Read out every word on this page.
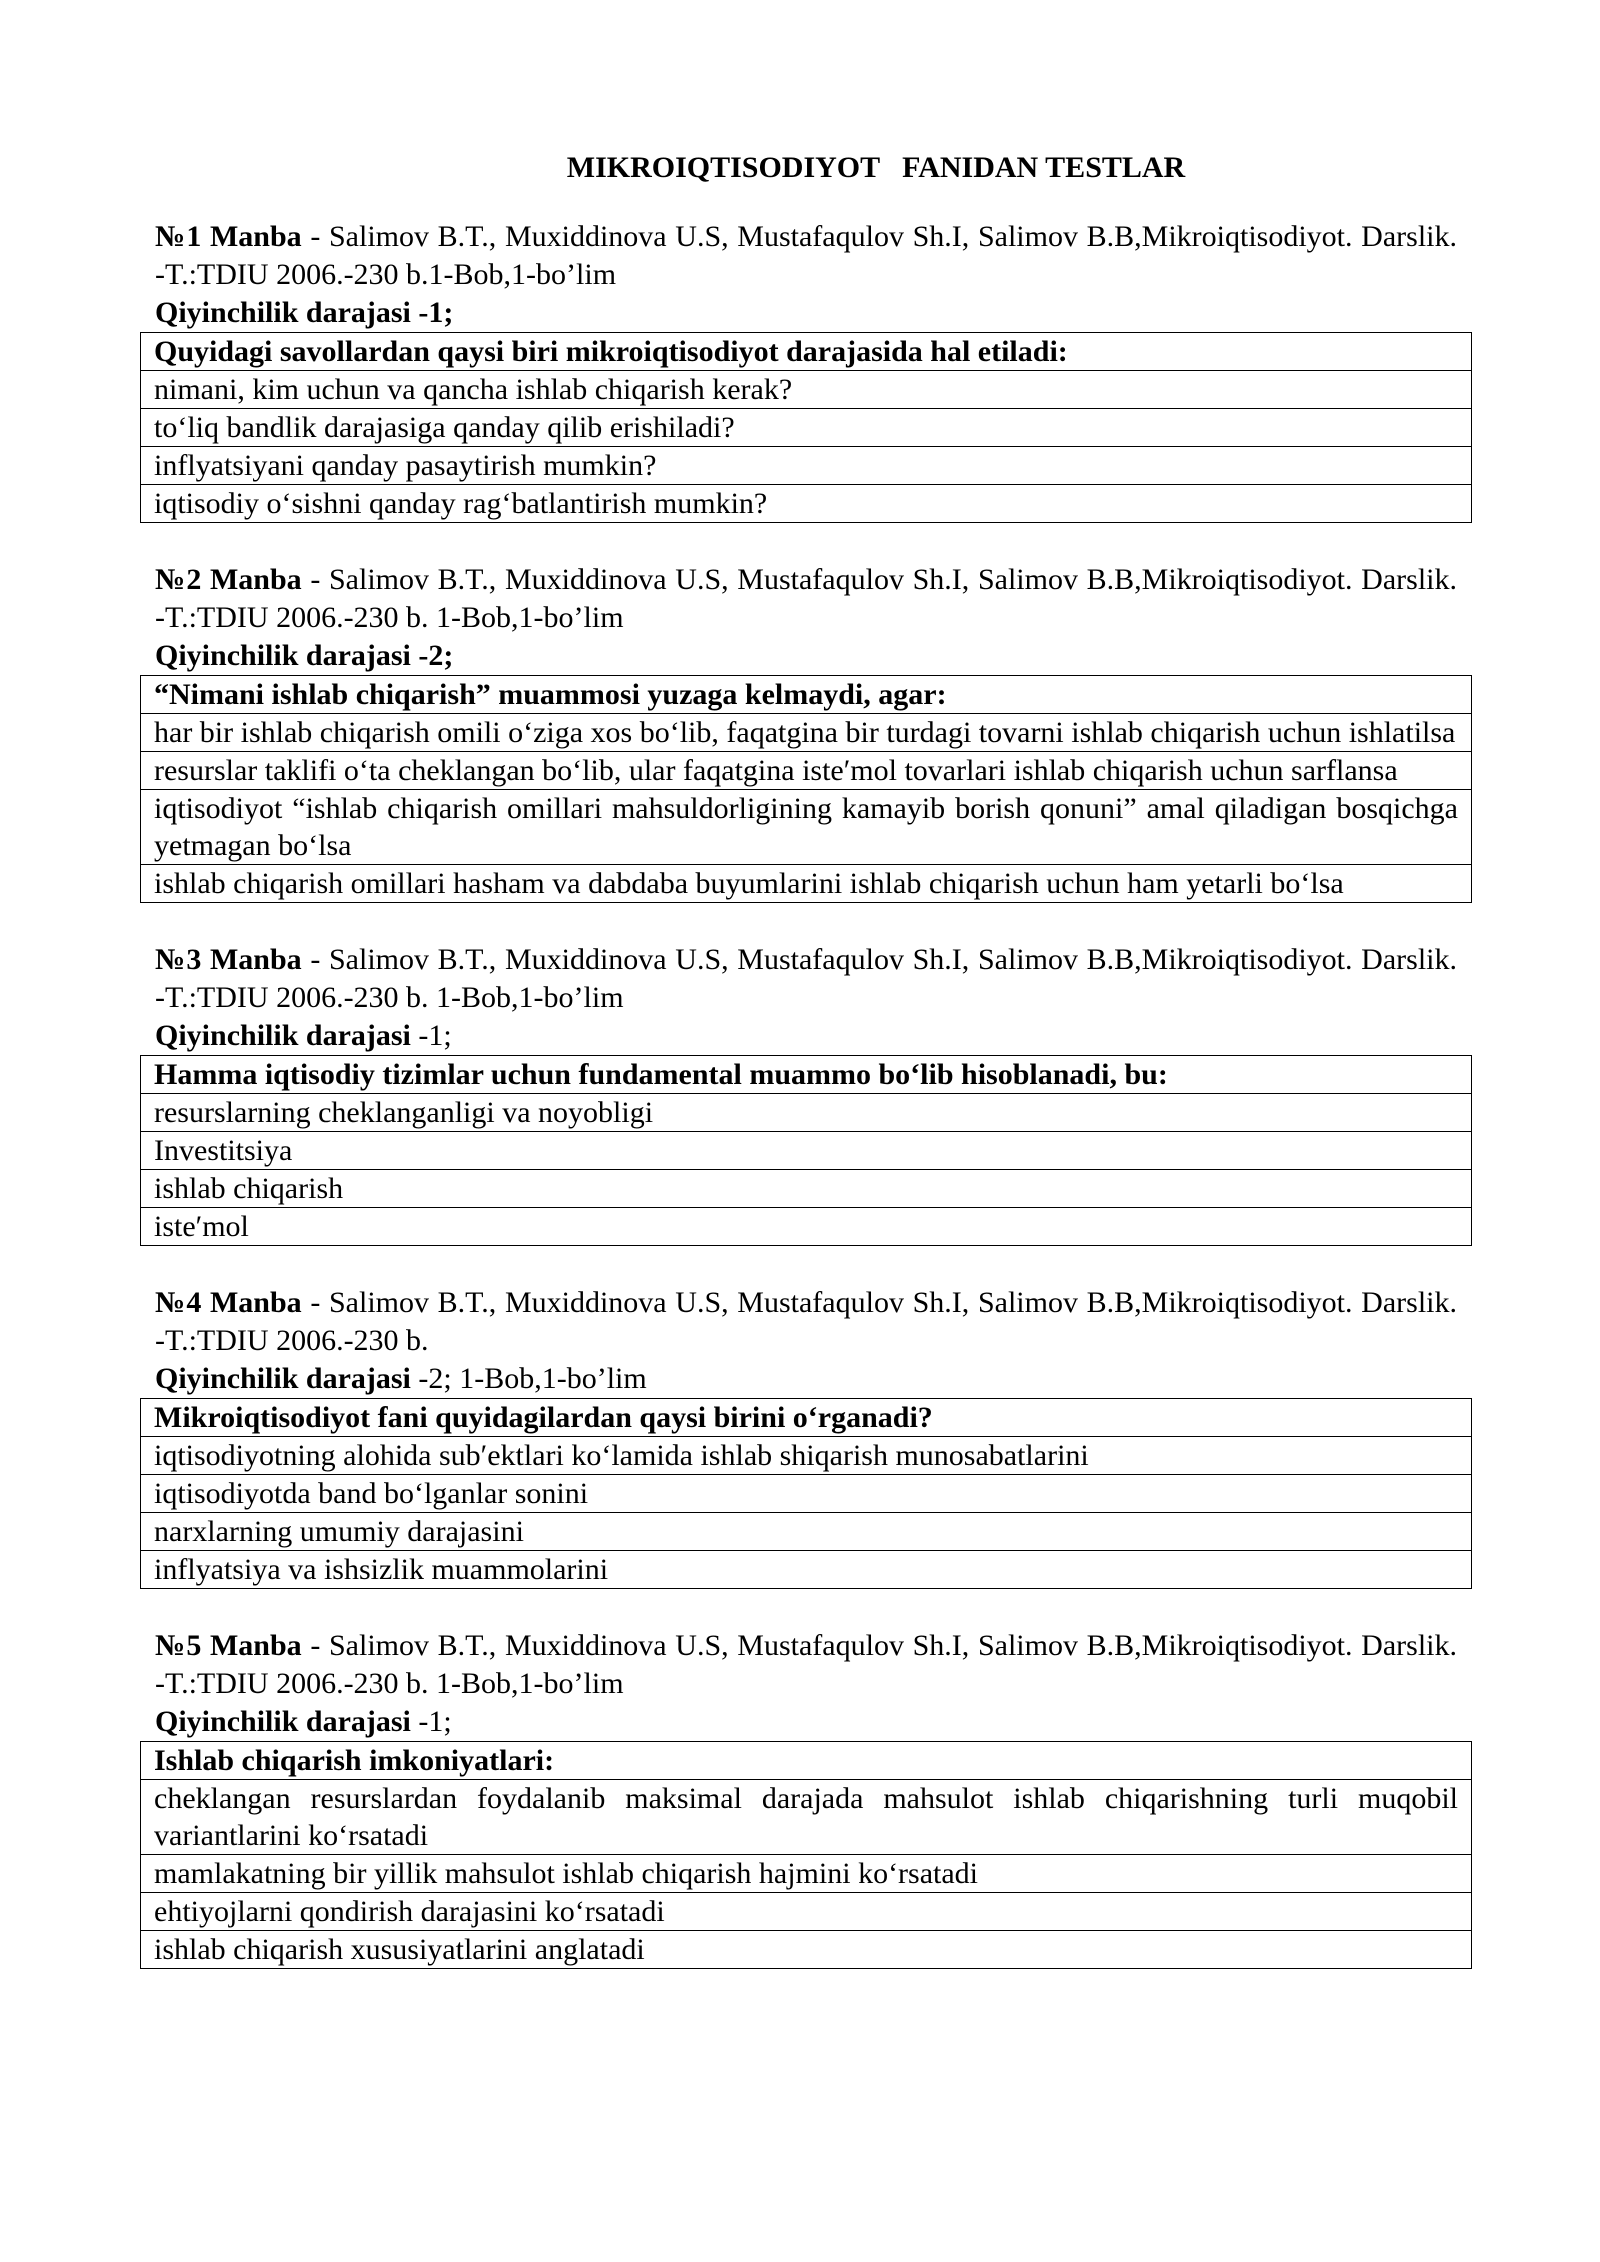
MIKROIQTISODIYOT   FANIDAN TESTLAR
№1 Manba - Salimov B.T., Muxiddinova U.S, Mustafaqulov Sh.I, Salimov B.B,Mikroiqtisodiyot. Darslik. -T.:TDIU 2006.-230 b.1-Bob,1-bo’lim
Qiyinchilik darajasi -1;
Quyidagi savollardan qaysi biri mikroiqtisodiyot darajasida hal etiladi:
nimani, kim uchun va qancha ishlab chiqarish kerak?
to‘liq bandlik darajasiga qanday qilib erishiladi?
inflyatsiyani qanday pasaytirish mumkin?
iqtisodiy o‘sishni qanday rag‘batlantirish mumkin?
№2 Manba - Salimov B.T., Muxiddinova U.S, Mustafaqulov Sh.I, Salimov B.B,Mikroiqtisodiyot. Darslik. -T.:TDIU 2006.-230 b. 1-Bob,1-bo’lim
Qiyinchilik darajasi -2;
“Nimani ishlab chiqarish” muammosi yuzaga kelmaydi, agar:
har bir ishlab chiqarish omili o‘ziga xos bo‘lib, faqatgina bir turdagi tovarni ishlab chiqarish uchun ishlatilsa
resurslar taklifi o‘ta cheklangan bo‘lib, ular faqatgina iste′mol tovarlari ishlab chiqarish uchun sarflansa
iqtisodiyot “ishlab chiqarish omillari mahsuldorligining kamayib borish qonuni” amal qiladigan bosqichga yetmagan bo‘lsa
ishlab chiqarish omillari hasham va dabdaba buyumlarini ishlab chiqarish uchun ham yetarli bo‘lsa
№3 Manba - Salimov B.T., Muxiddinova U.S, Mustafaqulov Sh.I, Salimov B.B,Mikroiqtisodiyot. Darslik. -T.:TDIU 2006.-230 b. 1-Bob,1-bo’lim
Qiyinchilik darajasi -1;
Hamma iqtisodiy tizimlar uchun fundamental muammo bo‘lib hisoblanadi, bu:
resurslarning cheklanganligi va noyobligi
Investitsiya
ishlab chiqarish
iste′mol
№4 Manba - Salimov B.T., Muxiddinova U.S, Mustafaqulov Sh.I, Salimov B.B,Mikroiqtisodiyot. Darslik. -T.:TDIU 2006.-230 b.
Qiyinchilik darajasi -2; 1-Bob,1-bo’lim
Mikroiqtisodiyot fani quyidagilardan qaysi birini o‘rganadi?
iqtisodiyotning alohida sub′ektlari ko‘lamida ishlab shiqarish munosabatlarini
iqtisodiyotda band bo‘lganlar sonini
narxlarning umumiy darajasini
inflyatsiya va ishsizlik muammolarini
№5 Manba - Salimov B.T., Muxiddinova U.S, Mustafaqulov Sh.I, Salimov B.B,Mikroiqtisodiyot. Darslik. -T.:TDIU 2006.-230 b. 1-Bob,1-bo’lim
Qiyinchilik darajasi -1;
Ishlab chiqarish imkoniyatlari:
cheklangan resurslardan foydalanib maksimal darajada mahsulot ishlab chiqarishning turli muqobil variantlarini ko‘rsatadi
mamlakatning bir yillik mahsulot ishlab chiqarish hajmini ko‘rsatadi
ehtiyojlarni qondirish darajasini ko‘rsatadi
ishlab chiqarish xususiyatlarini anglatadi
